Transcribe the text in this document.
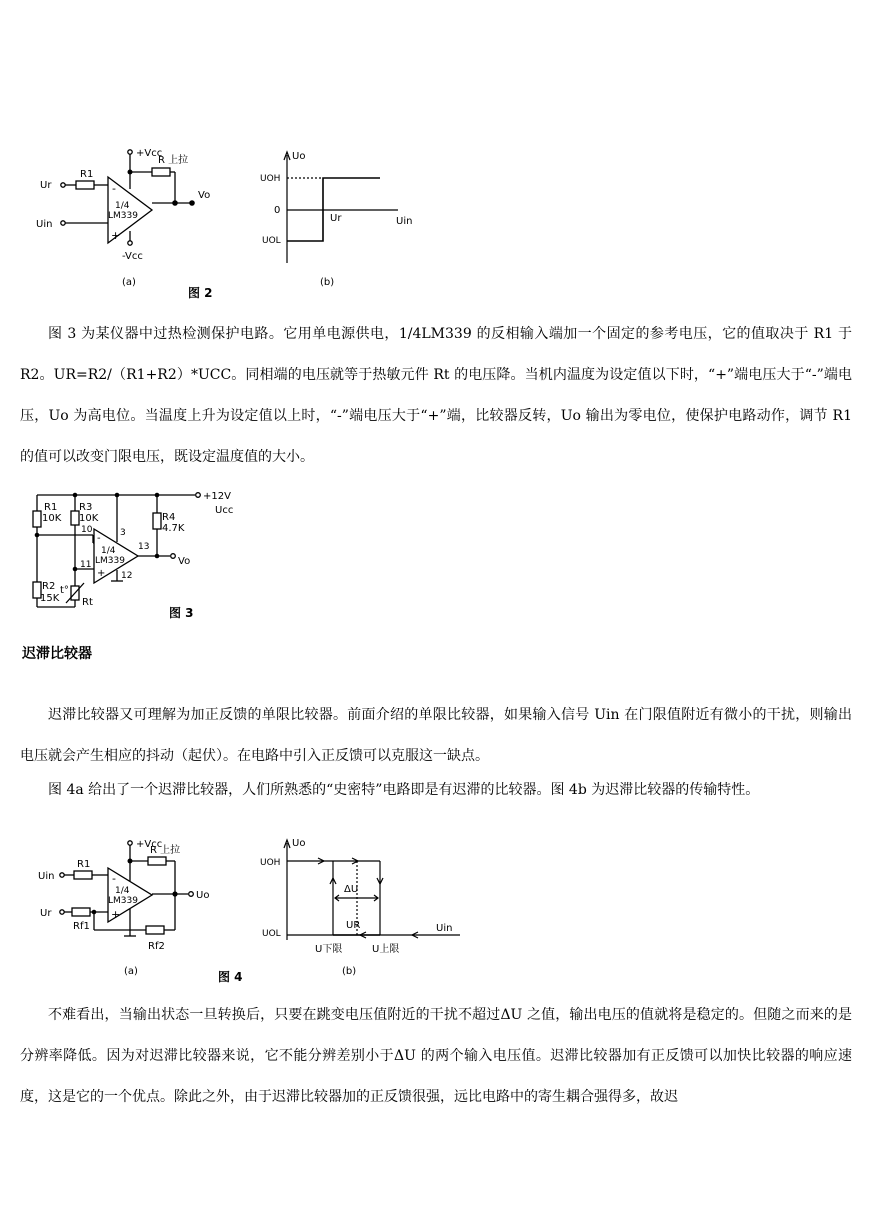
+Vcc
R 上拉
R1
Ur
Uin
-
+
1/4
LM339
Vo
-Vcc
(a)
图 2
Uo
UOH
0
UOL
Ur	Uin
(b)

图 3 为某仪器中过热检测保护电路。它用单电源供电，1/4LM339 的反相输入端加一个固定的参考电压，它的值取决于 R1 于 R2。UR=R2/（R1+R2）*UCC。同相端的电压就等于热敏元件 Rt 的电压降。当机内温度为设定值以下时，“+”端电压大于“-”端电压，Uo 为高电位。当温度上升为设定值以上时，“-”端电压大于“+”端，比较器反转，Uo 输出为零电位，使保护电路动作，调节 R1 的值可以改变门限电压，既设定温度值的大小。

+12V
Ucc
R1
10K
R3
10K	R4
4.7K
R2
15K Rt
t°
10	3
11
12
13
-
+
1/4
LM339	Vo
图 3

迟滞比较器

迟滞比较器又可理解为加正反馈的单限比较器。前面介绍的单限比较器，如果输入信号 Uin 在门限值附近有微小的干扰，则输出电压就会产生相应的抖动（起伏）。在电路中引入正反馈可以克服这一缺点。

图 4a 给出了一个迟滞比较器，人们所熟悉的“史密特”电路即是有迟滞的比较器。图 4b 为迟滞比较器的传输特性。

+Vcc
R 上拉
R1
Uin
Ur
Rf1
Rf2
-
+
1/4
LM339	Uo
(a)	图 4
Uo
UOH
UOL
ΔU
UR	Uin
U下限	U上限
(b)

不难看出，当输出状态一旦转换后，只要在跳变电压值附近的干扰不超过ΔU 之值，输出电压的值就将是稳定的。但随之而来的是分辨率降低。因为对迟滞比较器来说，它不能分辨差别小于ΔU 的两个输入电压值。迟滞比较器加有正反馈可以加快比较器的响应速度，这是它的一个优点。除此之外，由于迟滞比较器加的正反馈很强，远比电路中的寄生耦合强得多，故迟
